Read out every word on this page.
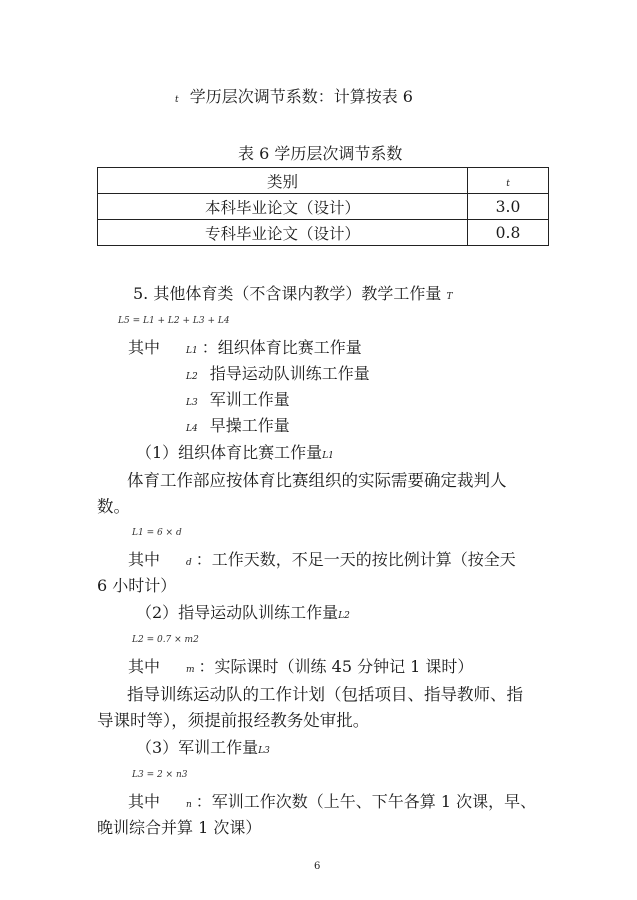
t 学历层次调节系数：计算按表 6
表 6 学历层次调节系数
类别	t
本科毕业论文（设计）	3.0
专科毕业论文（设计）	0.8
5. 其他体育类（不含课内教学）教学工作量 T
L5 = L1 + L2 + L3 + L4
其中	L1 ：组织体育比赛工作量
L2 指导运动队训练工作量
L3 军训工作量
L4 早操工作量
（1）组织体育比赛工作量L1
体育工作部应按体育比赛组织的实际需要确定裁判人
数。
L1 = 6 × d
其中	d ：工作天数，不足一天的按比例计算（按全天
6 小时计）
（2）指导运动队训练工作量L2
L2 = 0.7 × m2
其中	m ：实际课时（训练 45 分钟记 1 课时）
指导训练运动队的工作计划（包括项目、指导教师、指
导课时等），须提前报经教务处审批。
（3）军训工作量L3
L3 = 2 × n3
其中	n ：军训工作次数（上午、下午各算 1 次课，早、
晚训综合并算 1 次课）
6
